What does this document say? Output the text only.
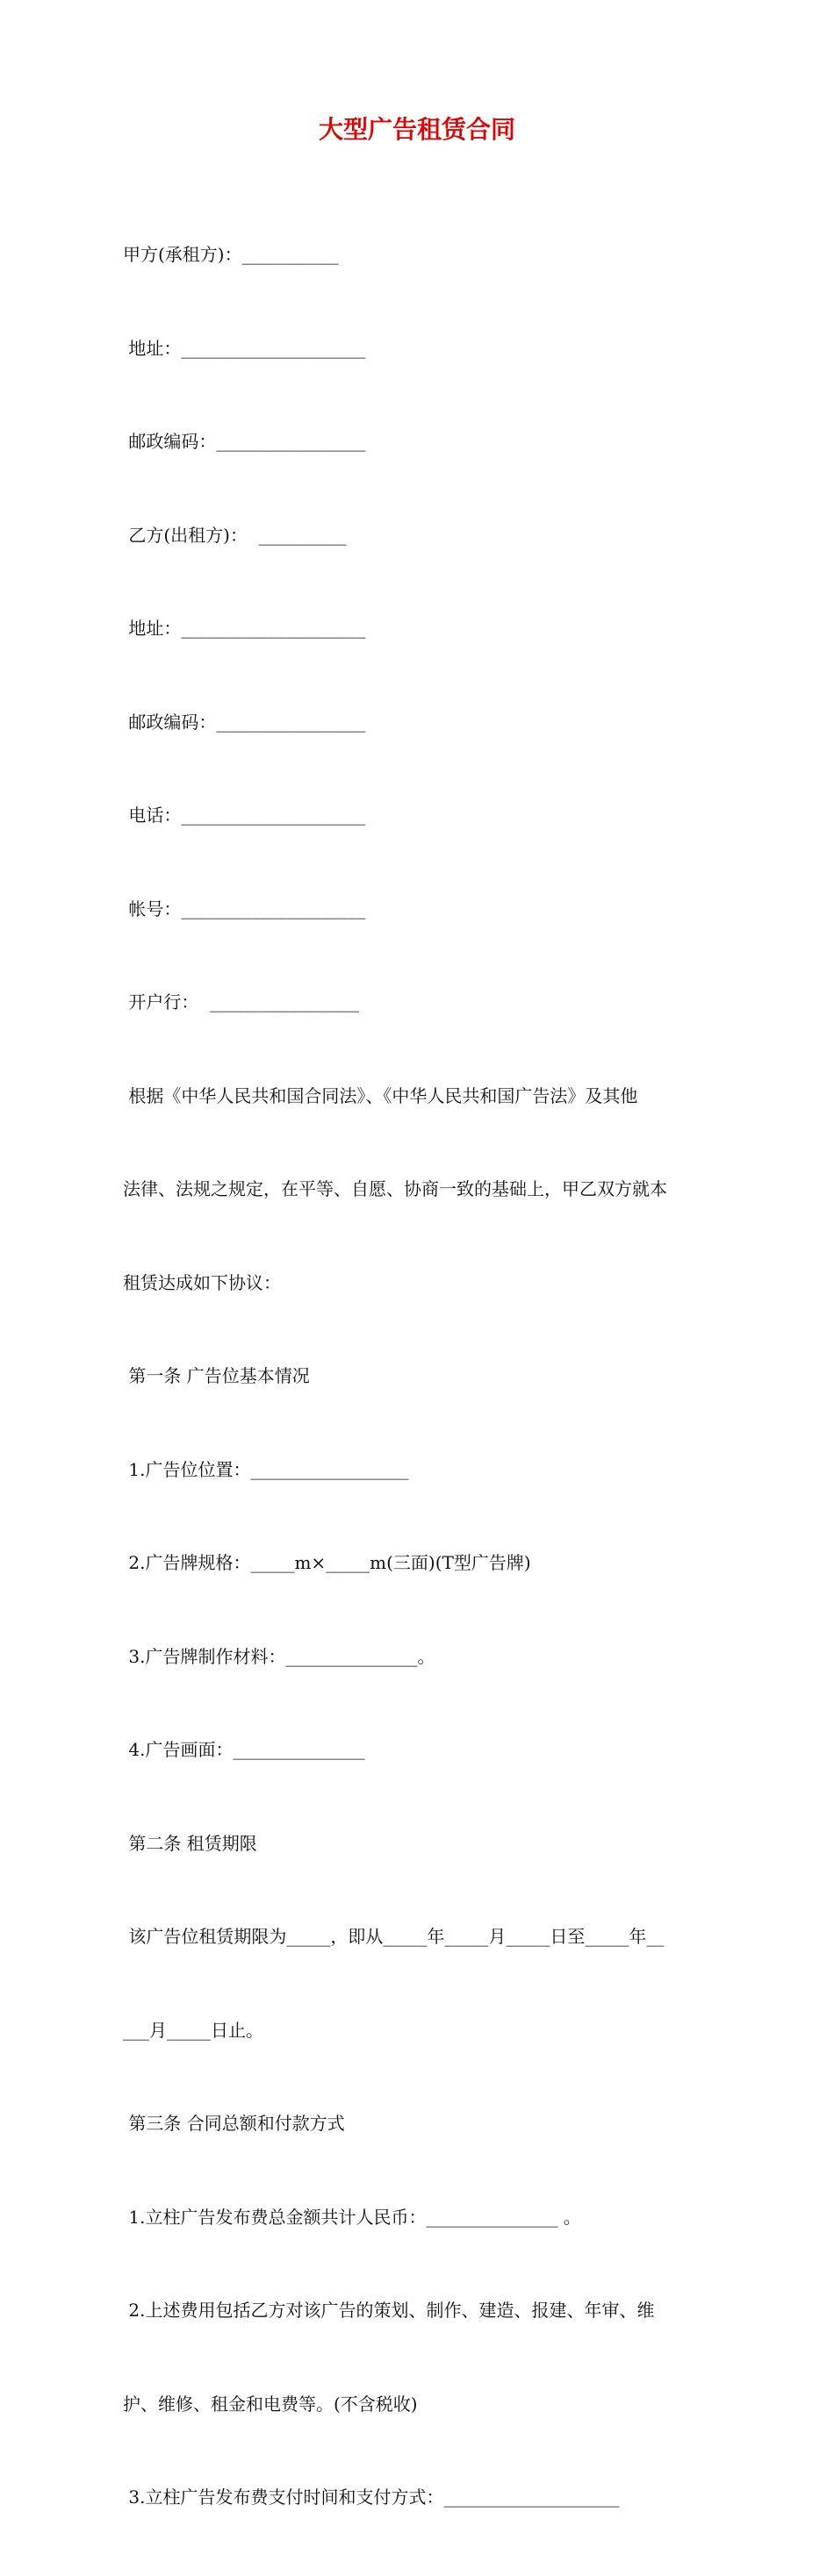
大型广告租赁合同

甲方(承租方)：___________

地址：_____________________

邮政编码：_________________

乙方(出租方)：  __________

地址：_____________________

邮政编码：_________________

电话：_____________________

帐号：_____________________

开户行：  _________________

根据《中华人民共和国合同法》、《中华人民共和国广告法》及其他

法律、法规之规定，在平等、自愿、协商一致的基础上，甲乙双方就本

租赁达成如下协议：

第一条 广告位基本情况

1.广告位位置：__________________

2.广告牌规格：_____m×_____m(三面)(T型广告牌)

3.广告牌制作材料：_______________。

4.广告画面：_______________

第二条 租赁期限

该广告位租赁期限为_____，即从_____年_____月_____日至_____年__

___月_____日止。

第三条 合同总额和付款方式

1.立柱广告发布费总金额共计人民币：_______________ 。

2.上述费用包括乙方对该广告的策划、制作、建造、报建、年审、维

护、维修、租金和电费等。(不含税收)

3.立柱广告发布费支付时间和支付方式：____________________
